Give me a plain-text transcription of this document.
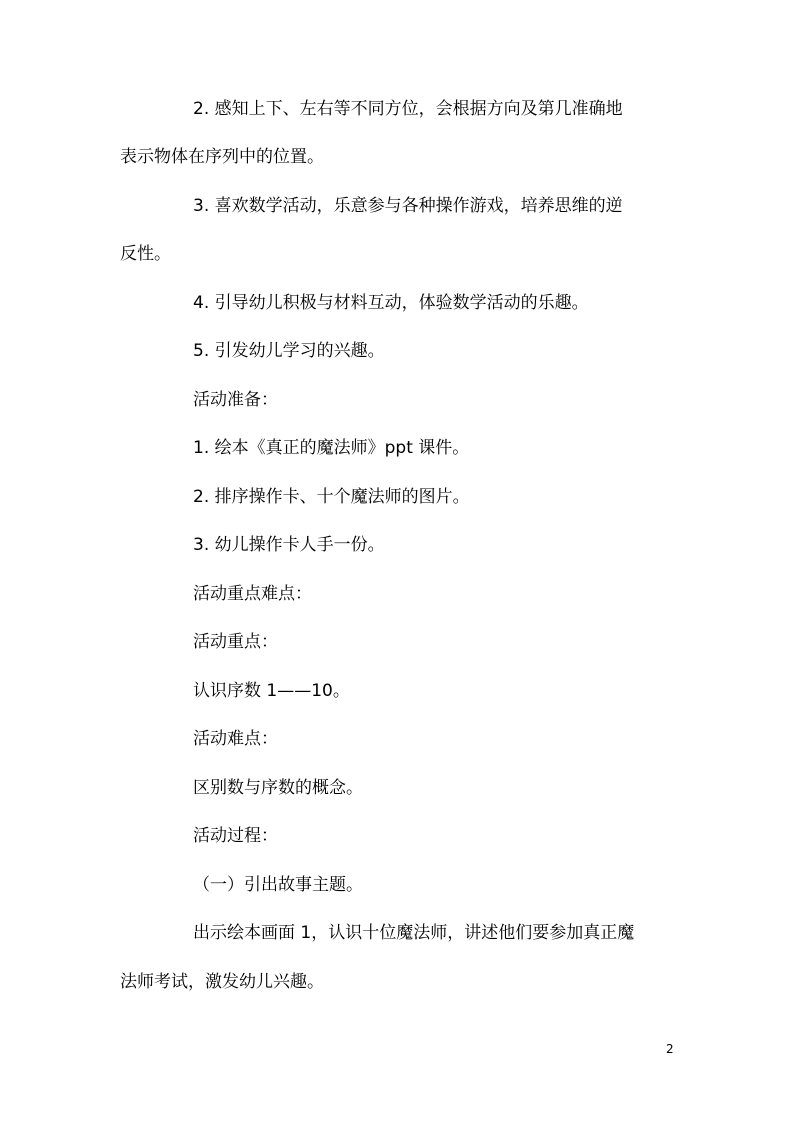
2. 感知上下、左右等不同方位，会根据方向及第几准确地
表示物体在序列中的位置。
3. 喜欢数学活动，乐意参与各种操作游戏，培养思维的逆
反性。
4. 引导幼儿积极与材料互动，体验数学活动的乐趣。
5. 引发幼儿学习的兴趣。
活动准备：
1. 绘本《真正的魔法师》ppt 课件。
2. 排序操作卡、十个魔法师的图片。
3. 幼儿操作卡人手一份。
活动重点难点：
活动重点：
认识序数 1——10。
活动难点：
区别数与序数的概念。
活动过程：
（一）引出故事主题。
出示绘本画面 1，认识十位魔法师，讲述他们要参加真正魔
法师考试，激发幼儿兴趣。
2
